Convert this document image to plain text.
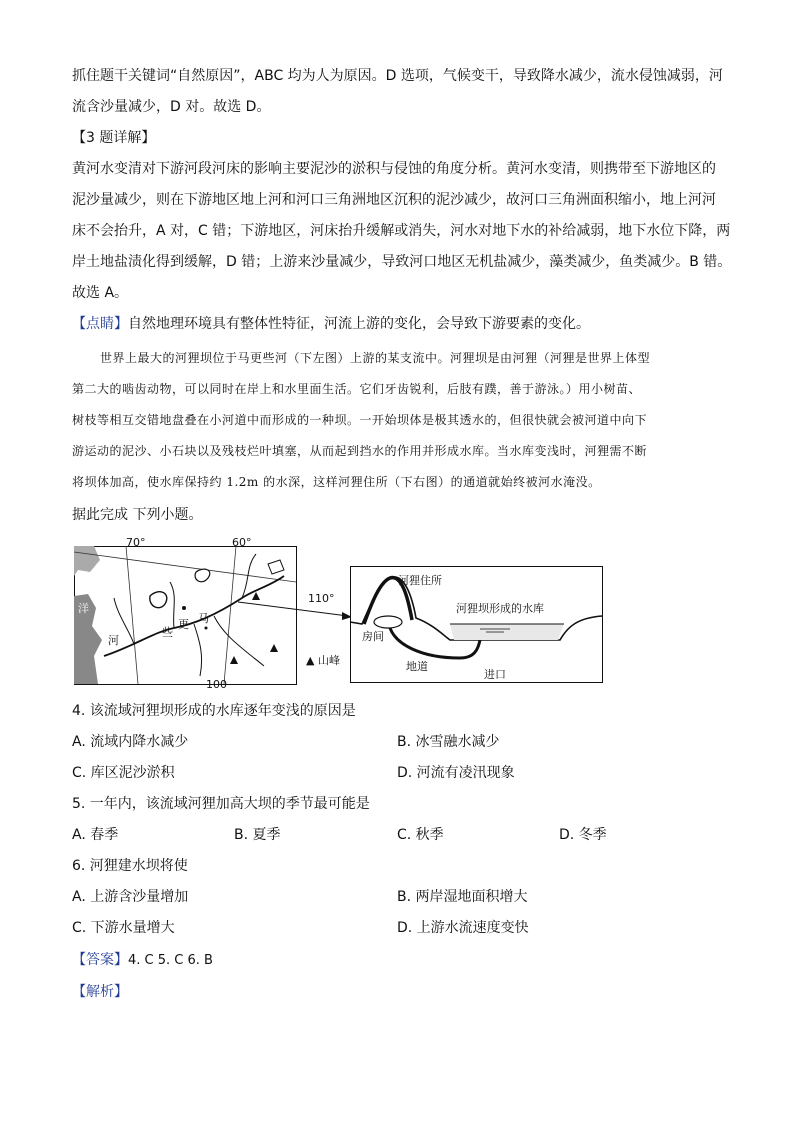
抓住题干关键词“自然原因”，ABC 均为人为原因。D 选项，气候变干，导致降水减少，流水侵蚀减弱，河
流含沙量减少，D 对。故选 D。
【3 题详解】
黄河水变清对下游河段河床的影响主要泥沙的淤积与侵蚀的角度分析。黄河水变清，则携带至下游地区的
泥沙量减少，则在下游地区地上河和河口三角洲地区沉积的泥沙减少，故河口三角洲面积缩小，地上河河
床不会抬升，A 对，C 错；下游地区，河床抬升缓解或消失，河水对地下水的补给减弱，地下水位下降，两
岸土地盐渍化得到缓解，D 错；上游来沙量减少，导致河口地区无机盐减少，藻类减少，鱼类减少。B 错。
故选 A。
【点睛】自然地理环境具有整体性特征，河流上游的变化，会导致下游要素的变化。
世界上最大的河狸坝位于马更些河（下左图）上游的某支流中。河狸坝是由河狸（河狸是世界上体型
第二大的啮齿动物，可以同时在岸上和水里面生活。它们牙齿锐利，后肢有蹼，善于游泳。）用小树苗、
树枝等相互交错地盘叠在小河道中而形成的一种坝。一开始坝体是极其透水的，但很快就会被河道中向下
游运动的泥沙、小石块以及残枝烂叶填塞，从而起到挡水的作用并形成水库。当水库变浅时，河狸需不断
将坝体加高，使水库保持约 1.2m 的水深，这样河狸住所（下右图）的通道就始终被河水淹没。
据此完成 下列小题。
70°	60°
些
更 马
洋
河
100
▲ 山峰
110°
河狸住所
河狸坝形成的水库
房间
地道
进口
4. 该流域河狸坝形成的水库逐年变浅的原因是
A. 流域内降水减少	B. 冰雪融水减少
C. 库区泥沙淤积	D. 河流有凌汛现象
5. 一年内，该流域河狸加高大坝的季节最可能是
A. 春季	B. 夏季	C. 秋季	D. 冬季
6. 河狸建水坝将使
A. 上游含沙量增加	B. 两岸湿地面积增大
C. 下游水量增大	D. 上游水流速度变快
【答案】4. C 5. C 6. B
【解析】
